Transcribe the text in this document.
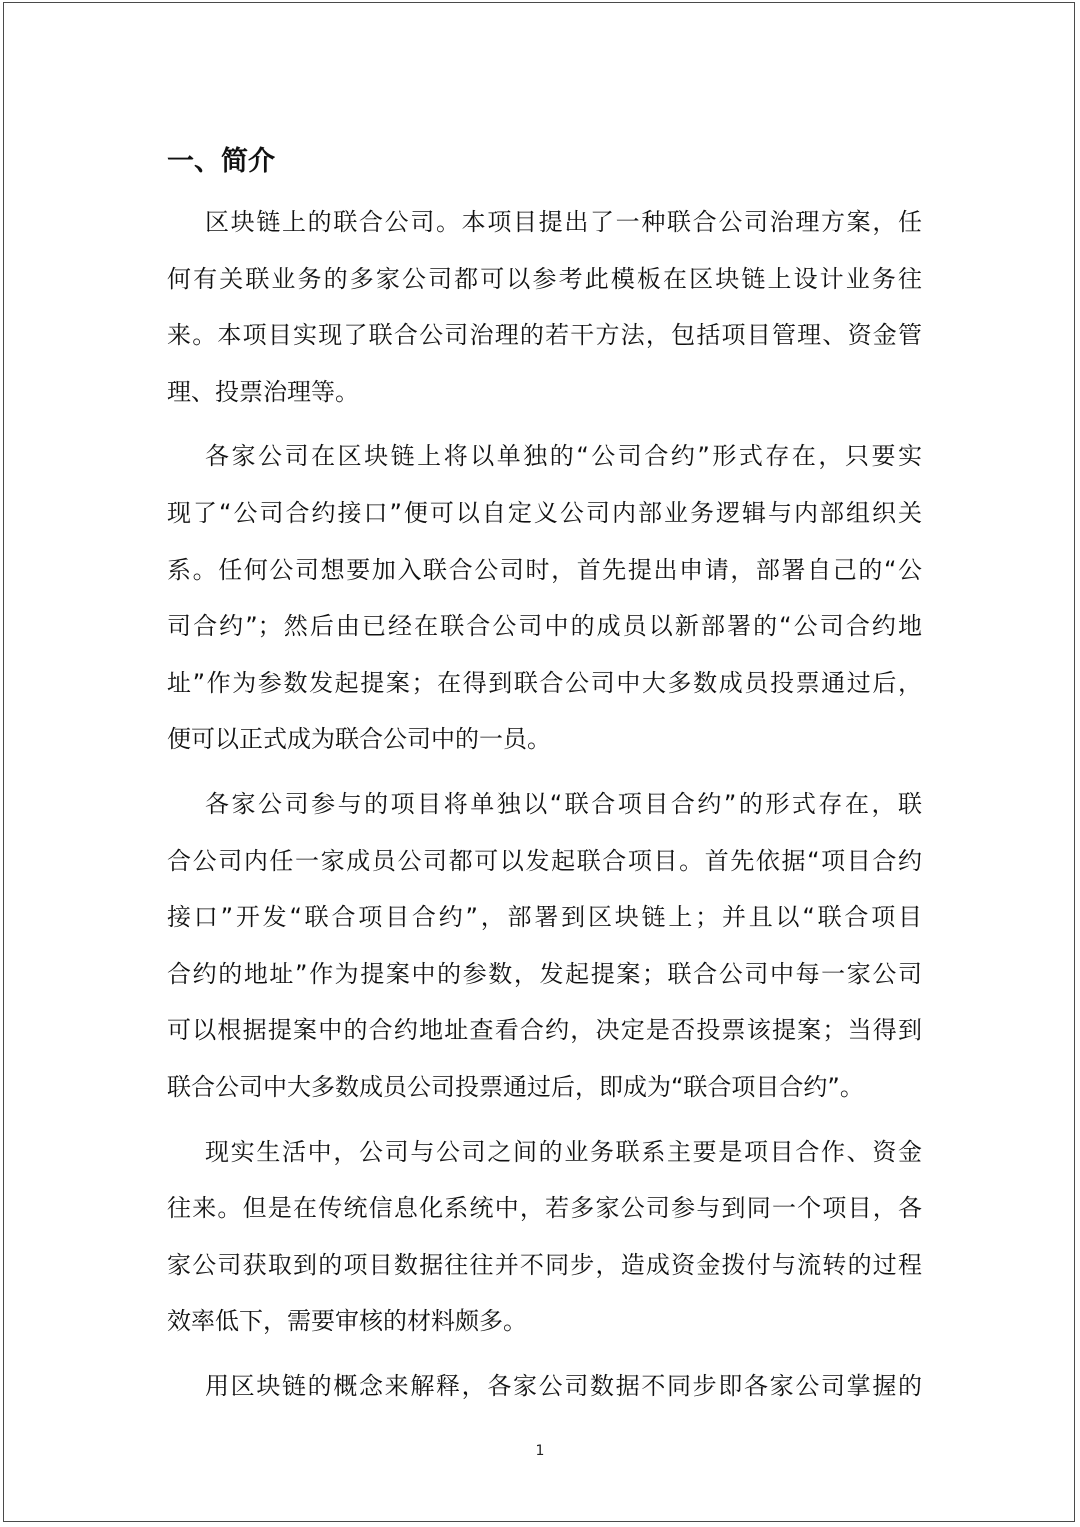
一、简介
区块链上的联合公司。本项目提出了一种联合公司治理方案，任
何有关联业务的多家公司都可以参考此模板在区块链上设计业务往
来。本项目实现了联合公司治理的若干方法，包括项目管理、资金管
理、投票治理等。
各家公司在区块链上将以单独的“公司合约”形式存在，只要实
现了“公司合约接口”便可以自定义公司内部业务逻辑与内部组织关
系。任何公司想要加入联合公司时，首先提出申请，部署自己的“公
司合约”；然后由已经在联合公司中的成员以新部署的“公司合约地
址”作为参数发起提案；在得到联合公司中大多数成员投票通过后，
便可以正式成为联合公司中的一员。
各家公司参与的项目将单独以“联合项目合约”的形式存在，联
合公司内任一家成员公司都可以发起联合项目。首先依据“项目合约
接口”开发“联合项目合约”，部署到区块链上；并且以“联合项目
合约的地址”作为提案中的参数，发起提案；联合公司中每一家公司
可以根据提案中的合约地址查看合约，决定是否投票该提案；当得到
联合公司中大多数成员公司投票通过后，即成为“联合项目合约”。
现实生活中，公司与公司之间的业务联系主要是项目合作、资金
往来。但是在传统信息化系统中，若多家公司参与到同一个项目，各
家公司获取到的项目数据往往并不同步，造成资金拨付与流转的过程
效率低下，需要审核的材料颇多。
用区块链的概念来解释，各家公司数据不同步即各家公司掌握的
1
